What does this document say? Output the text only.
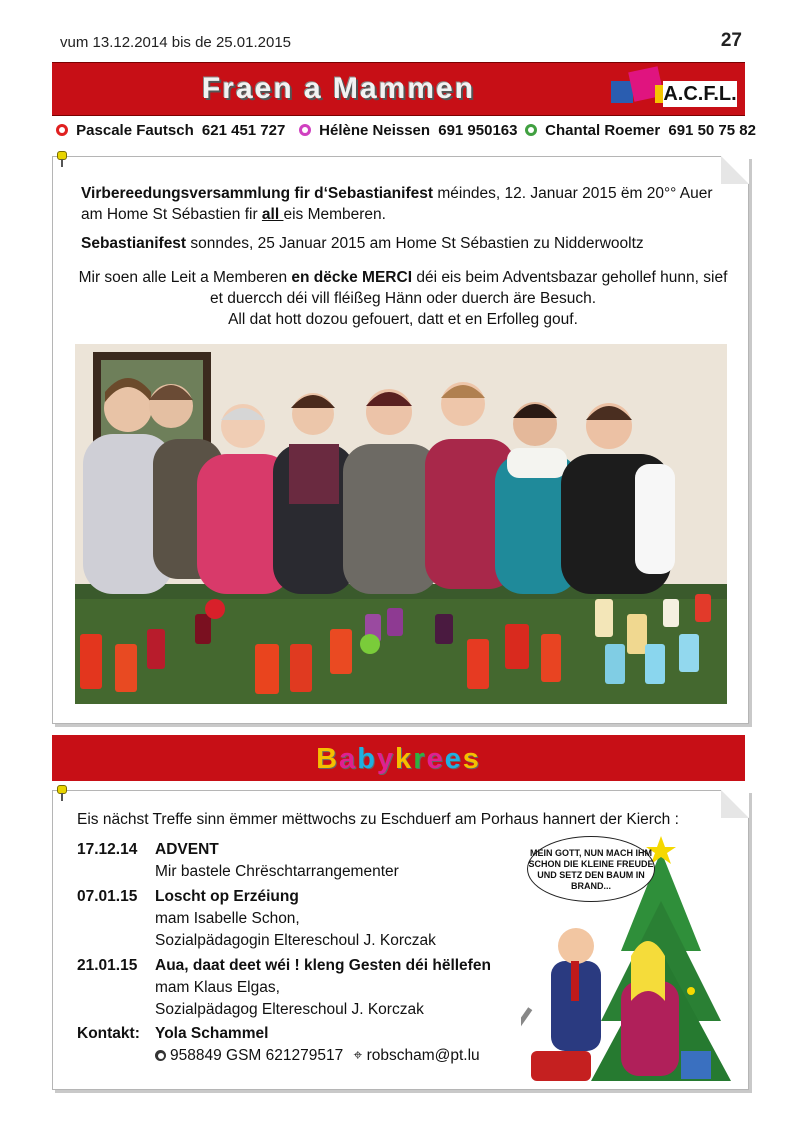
vum 13.12.2014 bis de 25.01.2015	27
Fraen a Mammen	A.C.F.L.
Pascale Fautsch 621 451 727	Hélène Neissen 691 950163	Chantal Roemer 691 50 75 82
Virbereedungsversammlung fir d‘Sebastianifest méindes, 12. Januar 2015 ëm 20°° Auer am Home St Sébastien fir all eis Memberen.
Sebastianifest sonndes, 25 Januar 2015 am Home St Sébastien zu Nidderwooltz
Mir soen alle Leit a Memberen en dëcke MERCI déi eis beim Adventsbazar gehollef hunn, sief
et duercch déi vill fléißeg Hänn oder duerch äre Besuch.
All dat hott dozou gefouert, datt et en Erfolleg gouf.
Babykrees
Eis nächst Treffe sinn ëmmer mëttwochs zu Eschduerf am Porhaus hannert der Kierch :
17.12.14 ADVENT
Mir bastele Chrëschtarrangementer
07.01.15 Loscht op Erzéiung
mam Isabelle Schon,
Sozialpädagogin Eltereschoul J. Korczak
21.01.15 Aua, daat deet wéi ! kleng Gesten déi hëllefen
mam Klaus Elgas,
Sozialpädagog Eltereschoul J. Korczak
Kontakt: Yola Schammel
958849 GSM 621279517 ⌖ robscham@pt.lu
MEIN GOTT, NUN MACH IHM SCHON DIE KLEINE FREUDE UND SETZ DEN BAUM IN BRAND...
